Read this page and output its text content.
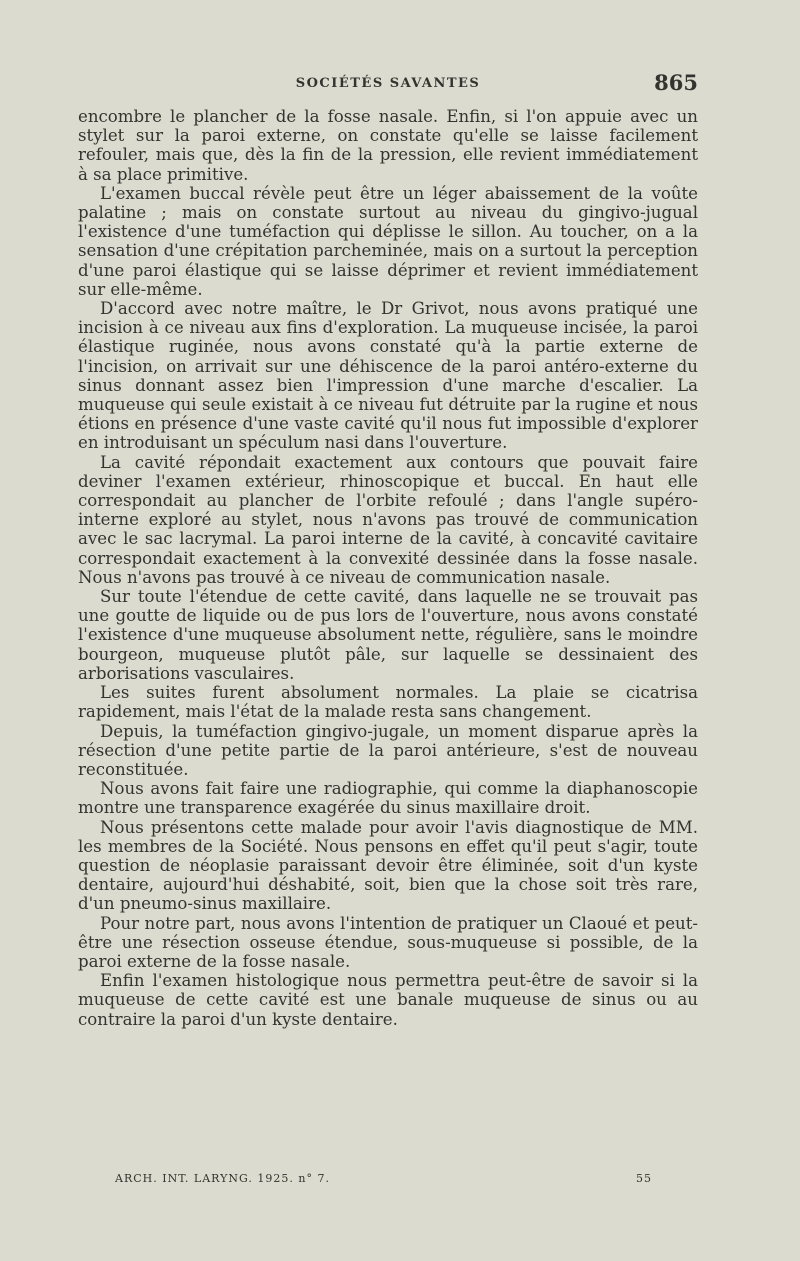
SOCIÉTÉS SAVANTES	865

encombre le plancher de la fosse nasale. Enfin, si l'on appuie avec un stylet sur la paroi externe, on constate qu'elle se laisse facilement refouler, mais que, dès la fin de la pression, elle revient immédiatement à sa place primitive.

L'examen buccal révèle peut être un léger abaissement de la voûte palatine ; mais on constate surtout au niveau du gingivo-jugual l'existence d'une tuméfaction qui déplisse le sillon. Au toucher, on a la sensation d'une crépitation parcheminée, mais on a surtout la perception d'une paroi élastique qui se laisse déprimer et revient immédiatement sur elle-même.

D'accord avec notre maître, le Dr Grivot, nous avons pratiqué une incision à ce niveau aux fins d'exploration. La muqueuse incisée, la paroi élastique ruginée, nous avons constaté qu'à la partie externe de l'incision, on arrivait sur une déhiscence de la paroi antéro-externe du sinus donnant assez bien l'impression d'une marche d'escalier. La muqueuse qui seule existait à ce niveau fut détruite par la rugine et nous étions en présence d'une vaste cavité qu'il nous fut impossible d'explorer en introduisant un spéculum nasi dans l'ouverture.

La cavité répondait exactement aux contours que pouvait faire deviner l'examen extérieur, rhinoscopique et buccal. En haut elle correspondait au plancher de l'orbite refoulé ; dans l'angle supéro-interne exploré au stylet, nous n'avons pas trouvé de communication avec le sac lacrymal. La paroi interne de la cavité, à concavité cavitaire correspondait exactement à la convexité dessinée dans la fosse nasale. Nous n'avons pas trouvé à ce niveau de communication nasale.

Sur toute l'étendue de cette cavité, dans laquelle ne se trouvait pas une goutte de liquide ou de pus lors de l'ouverture, nous avons constaté l'existence d'une muqueuse absolument nette, régulière, sans le moindre bourgeon, muqueuse plutôt pâle, sur laquelle se dessinaient des arborisations vasculaires.

Les suites furent absolument normales. La plaie se cicatrisa rapidement, mais l'état de la malade resta sans changement.

Depuis, la tuméfaction gingivo-jugale, un moment disparue après la résection d'une petite partie de la paroi antérieure, s'est de nouveau reconstituée.

Nous avons fait faire une radiographie, qui comme la diaphanoscopie montre une transparence exagérée du sinus maxillaire droit.

Nous présentons cette malade pour avoir l'avis diagnostique de MM. les membres de la Société. Nous pensons en effet qu'il peut s'agir, toute question de néoplasie paraissant devoir être éliminée, soit d'un kyste dentaire, aujourd'hui déshabité, soit, bien que la chose soit très rare, d'un pneumo-sinus maxillaire.

Pour notre part, nous avons l'intention de pratiquer un Claoué et peut-être une résection osseuse étendue, sous-muqueuse si possible, de la paroi externe de la fosse nasale.

Enfin l'examen histologique nous permettra peut-être de savoir si la muqueuse de cette cavité est une banale muqueuse de sinus ou au contraire la paroi d'un kyste dentaire.

ARCH. INT. LARYNG. 1925. n° 7.	55
